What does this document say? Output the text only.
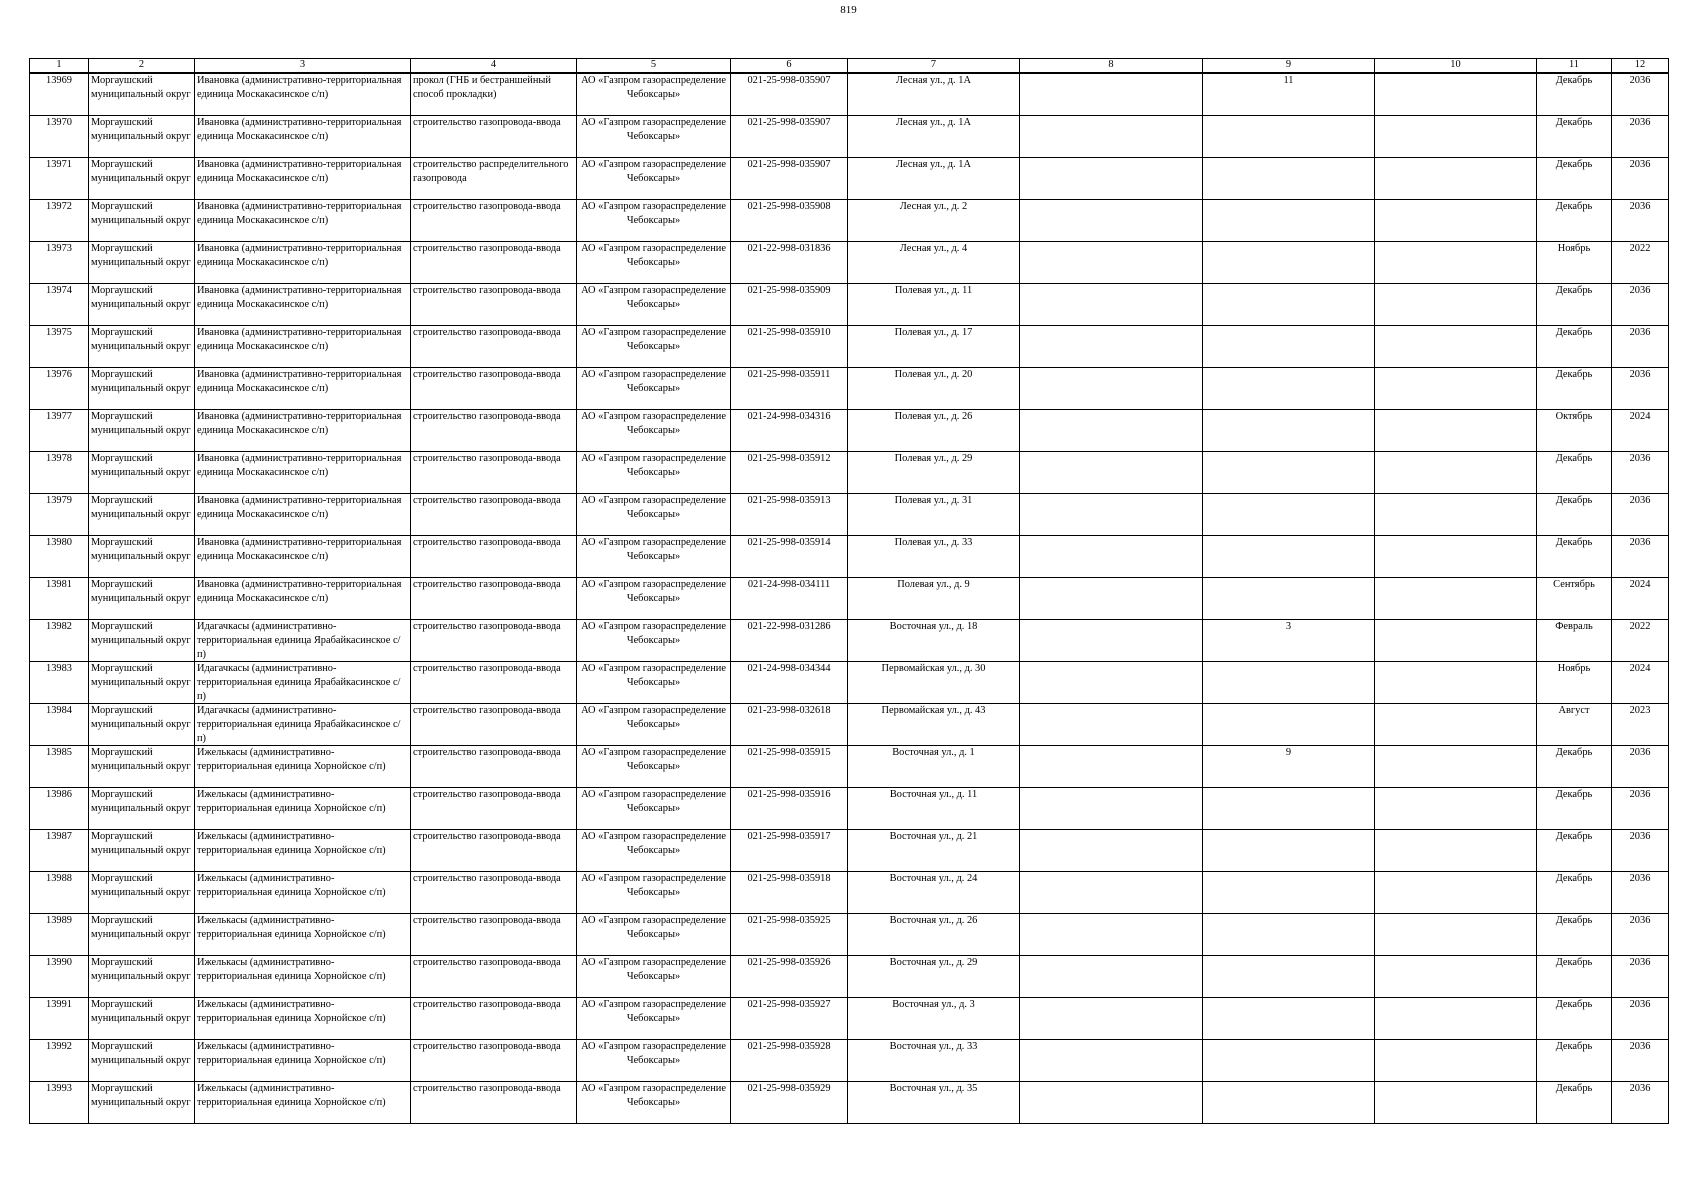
819
1	2	3	4	5	6	7	8	9	10	11	12

13969	Моргаушский муниципальный округ	Ивановка (административно-территориальная единица Москакасинское с/п)	прокол (ГНБ и бестраншейный способ прокладки)	АО «Газпром газораспределение Чебоксары»	021-25-998-035907	Лесная ул., д. 1А		11		Декабрь	2036

13970	Моргаушский муниципальный округ	Ивановка (административно-территориальная единица Москакасинское с/п)	строительство газопровода-ввода	АО «Газпром газораспределение Чебоксары»	021-25-998-035907	Лесная ул., д. 1А				Декабрь	2036

13971	Моргаушский муниципальный округ	Ивановка (административно-территориальная единица Москакасинское с/п)	строительство распределительного газопровода	АО «Газпром газораспределение Чебоксары»	021-25-998-035907	Лесная ул., д. 1А				Декабрь	2036

13972	Моргаушский муниципальный округ	Ивановка (административно-территориальная единица Москакасинское с/п)	строительство газопровода-ввода	АО «Газпром газораспределение Чебоксары»	021-25-998-035908	Лесная ул., д. 2				Декабрь	2036

13973	Моргаушский муниципальный округ	Ивановка (административно-территориальная единица Москакасинское с/п)	строительство газопровода-ввода	АО «Газпром газораспределение Чебоксары»	021-22-998-031836	Лесная ул., д. 4				Ноябрь	2022

13974	Моргаушский муниципальный округ	Ивановка (административно-территориальная единица Москакасинское с/п)	строительство газопровода-ввода	АО «Газпром газораспределение Чебоксары»	021-25-998-035909	Полевая ул., д. 11				Декабрь	2036

13975	Моргаушский муниципальный округ	Ивановка (административно-территориальная единица Москакасинское с/п)	строительство газопровода-ввода	АО «Газпром газораспределение Чебоксары»	021-25-998-035910	Полевая ул., д. 17				Декабрь	2036

13976	Моргаушский муниципальный округ	Ивановка (административно-территориальная единица Москакасинское с/п)	строительство газопровода-ввода	АО «Газпром газораспределение Чебоксары»	021-25-998-035911	Полевая ул., д. 20				Декабрь	2036

13977	Моргаушский муниципальный округ	Ивановка (административно-территориальная единица Москакасинское с/п)	строительство газопровода-ввода	АО «Газпром газораспределение Чебоксары»	021-24-998-034316	Полевая ул., д. 26				Октябрь	2024

13978	Моргаушский муниципальный округ	Ивановка (административно-территориальная единица Москакасинское с/п)	строительство газопровода-ввода	АО «Газпром газораспределение Чебоксары»	021-25-998-035912	Полевая ул., д. 29				Декабрь	2036

13979	Моргаушский муниципальный округ	Ивановка (административно-территориальная единица Москакасинское с/п)	строительство газопровода-ввода	АО «Газпром газораспределение Чебоксары»	021-25-998-035913	Полевая ул., д. 31				Декабрь	2036

13980	Моргаушский муниципальный округ	Ивановка (административно-территориальная единица Москакасинское с/п)	строительство газопровода-ввода	АО «Газпром газораспределение Чебоксары»	021-25-998-035914	Полевая ул., д. 33				Декабрь	2036

13981	Моргаушский муниципальный округ	Ивановка (административно-территориальная единица Москакасинское с/п)	строительство газопровода-ввода	АО «Газпром газораспределение Чебоксары»	021-24-998-034111	Полевая ул., д. 9				Сентябрь	2024

13982	Моргаушский муниципальный округ	Идагачкасы (административно-территориальная единица Ярабайкасинское с/п)	строительство газопровода-ввода	АО «Газпром газораспределение Чебоксары»	021-22-998-031286	Восточная ул., д. 18		3		Февраль	2022

13983	Моргаушский муниципальный округ	Идагачкасы (административно-территориальная единица Ярабайкасинское с/п)	строительство газопровода-ввода	АО «Газпром газораспределение Чебоксары»	021-24-998-034344	Первомайская ул., д. 30				Ноябрь	2024

13984	Моргаушский муниципальный округ	Идагачкасы (административно-территориальная единица Ярабайкасинское с/п)	строительство газопровода-ввода	АО «Газпром газораспределение Чебоксары»	021-23-998-032618	Первомайская ул., д. 43				Август	2023

13985	Моргаушский муниципальный округ	Ижелькасы (административно-территориальная единица Хорнойское с/п)	строительство газопровода-ввода	АО «Газпром газораспределение Чебоксары»	021-25-998-035915	Восточная ул., д. 1		9		Декабрь	2036

13986	Моргаушский муниципальный округ	Ижелькасы (административно-территориальная единица Хорнойское с/п)	строительство газопровода-ввода	АО «Газпром газораспределение Чебоксары»	021-25-998-035916	Восточная ул., д. 11				Декабрь	2036

13987	Моргаушский муниципальный округ	Ижелькасы (административно-территориальная единица Хорнойское с/п)	строительство газопровода-ввода	АО «Газпром газораспределение Чебоксары»	021-25-998-035917	Восточная ул., д. 21				Декабрь	2036

13988	Моргаушский муниципальный округ	Ижелькасы (административно-территориальная единица Хорнойское с/п)	строительство газопровода-ввода	АО «Газпром газораспределение Чебоксары»	021-25-998-035918	Восточная ул., д. 24				Декабрь	2036

13989	Моргаушский муниципальный округ	Ижелькасы (административно-территориальная единица Хорнойское с/п)	строительство газопровода-ввода	АО «Газпром газораспределение Чебоксары»	021-25-998-035925	Восточная ул., д. 26				Декабрь	2036

13990	Моргаушский муниципальный округ	Ижелькасы (административно-территориальная единица Хорнойское с/п)	строительство газопровода-ввода	АО «Газпром газораспределение Чебоксары»	021-25-998-035926	Восточная ул., д. 29				Декабрь	2036

13991	Моргаушский муниципальный округ	Ижелькасы (административно-территориальная единица Хорнойское с/п)	строительство газопровода-ввода	АО «Газпром газораспределение Чебоксары»	021-25-998-035927	Восточная ул., д. 3				Декабрь	2036

13992	Моргаушский муниципальный округ	Ижелькасы (административно-территориальная единица Хорнойское с/п)	строительство газопровода-ввода	АО «Газпром газораспределение Чебоксары»	021-25-998-035928	Восточная ул., д. 33				Декабрь	2036

13993	Моргаушский муниципальный округ	Ижелькасы (административно-территориальная единица Хорнойское с/п)	строительство газопровода-ввода	АО «Газпром газораспределение Чебоксары»	021-25-998-035929	Восточная ул., д. 35				Декабрь	2036
